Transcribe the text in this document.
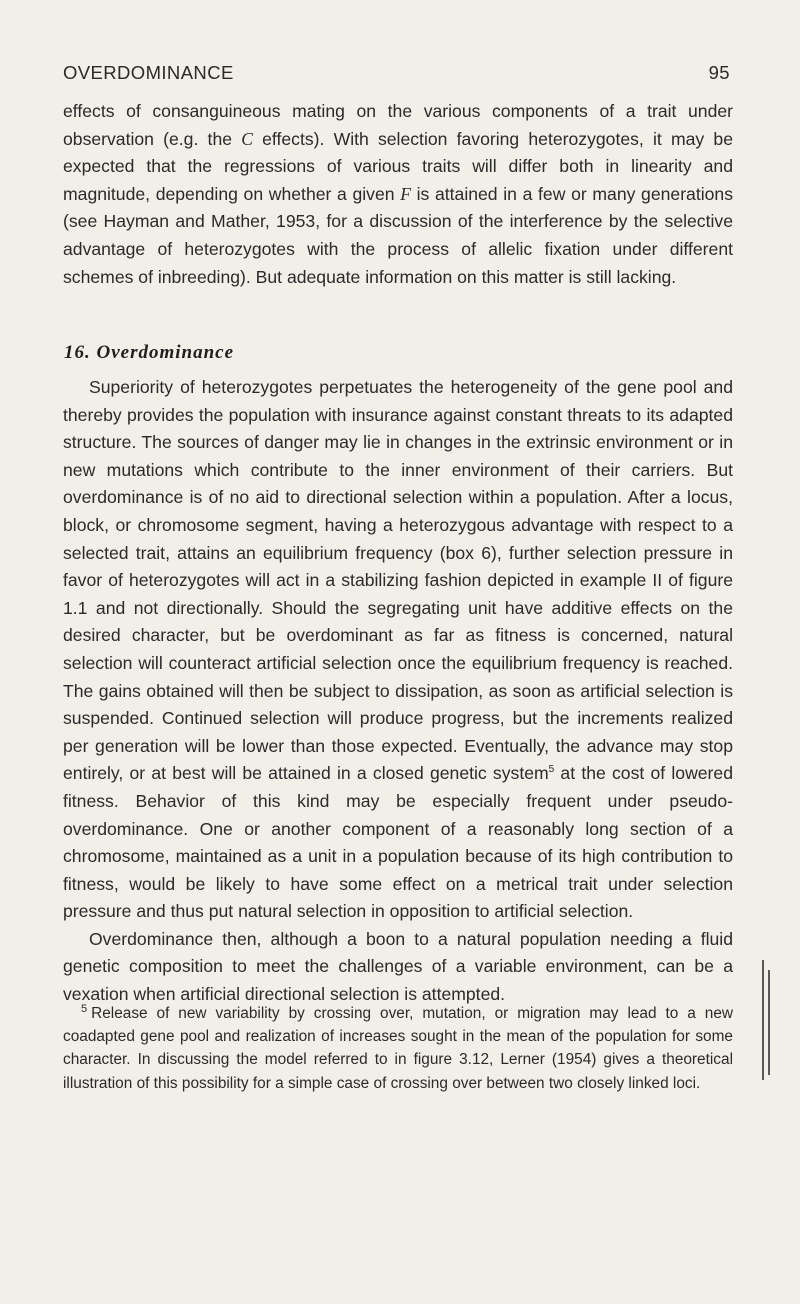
OVERDOMINANCE	95

effects of consanguineous mating on the various components of a trait under observation (e.g. the C effects). With selection favoring heterozygotes, it may be expected that the regressions of various traits will differ both in linearity and magnitude, depending on whether a given F is attained in a few or many generations (see Hayman and Mather, 1953, for a discussion of the interference by the selective advantage of heterozygotes with the process of allelic fixation under different schemes of inbreeding). But adequate information on this matter is still lacking.

16. Overdominance

Superiority of heterozygotes perpetuates the heterogeneity of the gene pool and thereby provides the population with insurance against constant threats to its adapted structure. The sources of danger may lie in changes in the extrinsic environment or in new mutations which contribute to the inner environment of their carriers. But overdominance is of no aid to directional selection within a population. After a locus, block, or chromosome segment, having a heterozygous advantage with respect to a selected trait, attains an equilibrium frequency (box 6), further selection pressure in favor of heterozygotes will act in a stabilizing fashion depicted in example II of figure 1.1 and not directionally. Should the segregating unit have additive effects on the desired character, but be overdominant as far as fitness is concerned, natural selection will counteract artificial selection once the equilibrium frequency is reached. The gains obtained will then be subject to dissipation, as soon as artificial selection is suspended. Continued selection will produce progress, but the increments realized per generation will be lower than those expected. Eventually, the advance may stop entirely, or at best will be attained in a closed genetic system$^5$ at the cost of lowered fitness. Behavior of this kind may be especially frequent under pseudo-overdominance. One or another component of a reasonably long section of a chromosome, maintained as a unit in a population because of its high contribution to fitness, would be likely to have some effect on a metrical trait under selection pressure and thus put natural selection in opposition to artificial selection.

Overdominance then, although a boon to a natural population needing a fluid genetic composition to meet the challenges of a variable environment, can be a vexation when artificial directional selection is attempted.

$^5$ Release of new variability by crossing over, mutation, or migration may lead to a new coadapted gene pool and realization of increases sought in the mean of the population for some character. In discussing the model referred to in figure 3.12, Lerner (1954) gives a theoretical illustration of this possibility for a simple case of crossing over between two closely linked loci.
